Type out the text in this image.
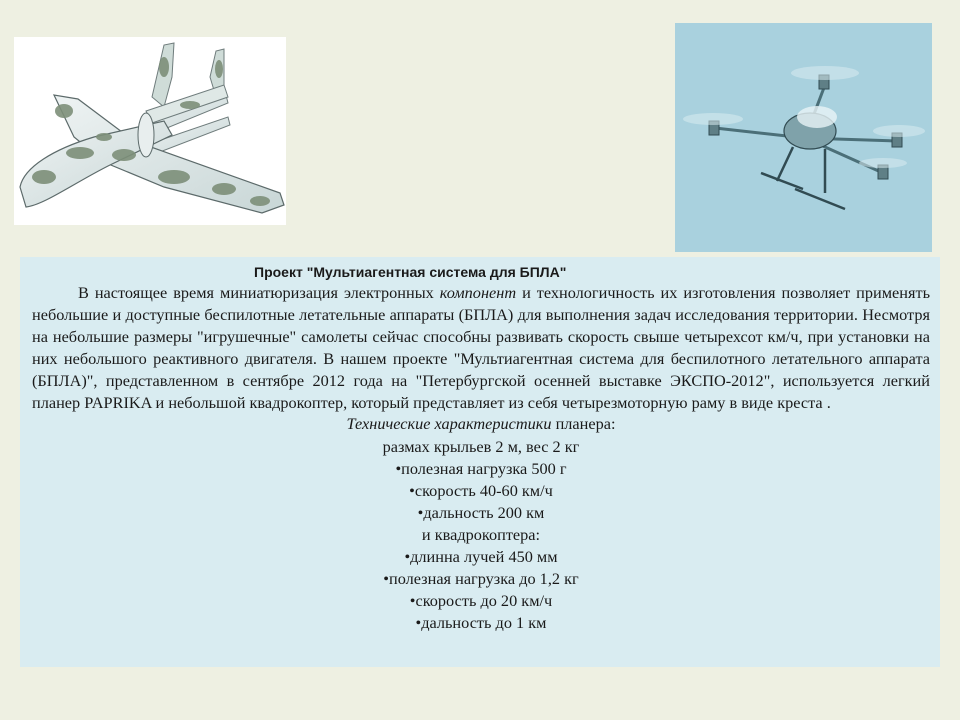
Проект "Мультиагентная система для БПЛА"

В настоящее время миниатюризация электронных компонент и технологичность их изготовления позволяет применять небольшие и доступные беспилотные летательные аппараты (БПЛА) для выполнения задач исследования территории. Несмотря на небольшие размеры "игрушечные" самолеты сейчас способны развивать скорость свыше четырехсот км/ч, при установки на них небольшого реактивного двигателя. В нашем проекте "Мультиагентная система для беспилотного летательного аппарата (БПЛА)", представленном в сентябре 2012 года на "Петербургской осенней выставке ЭКСПО-2012", используется легкий планер PAPRIKA и небольшой квадрокоптер, который представляет из себя четырезмоторную раму в виде креста .

Технические характеристики планера:
размах крыльев 2 м, вес 2 кг
•полезная нагрузка 500 г
•скорость 40-60 км/ч
•дальность 200 км
и квадрокоптера:
•длинна лучей 450 мм
•полезная нагрузка до 1,2 кг
•скорость до 20 км/ч
•дальность до 1 км
